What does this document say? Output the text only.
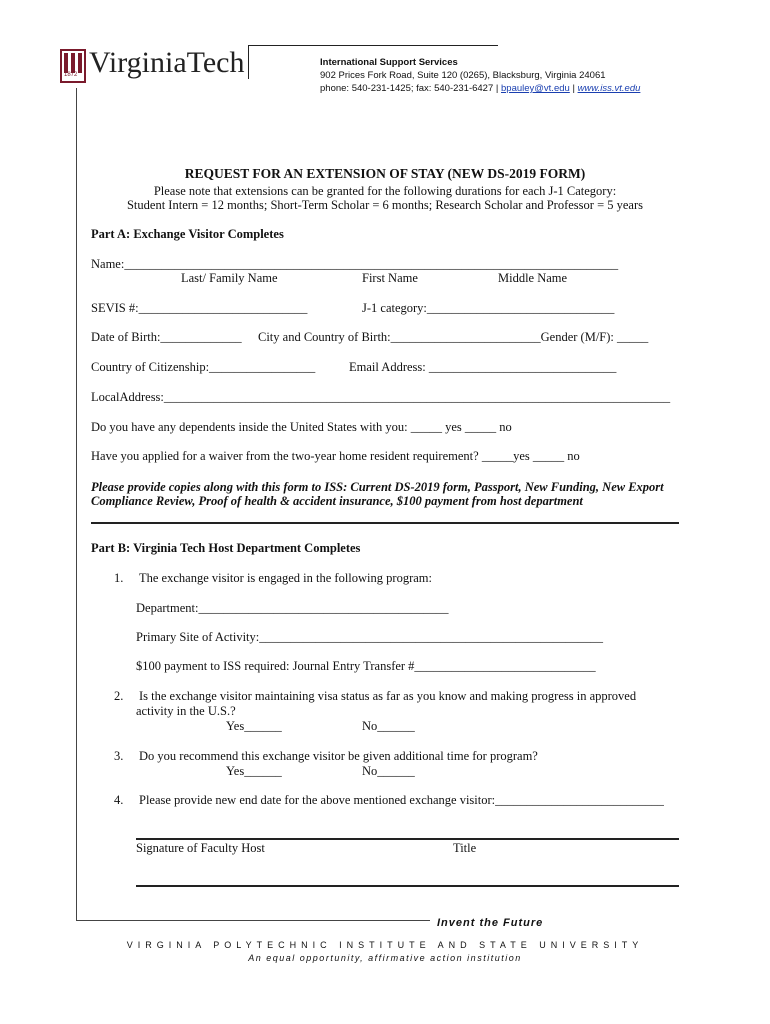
1872 VirginiaTech	International Support Services
902 Prices Fork Road, Suite 120 (0265), Blacksburg, Virginia 24061
phone: 540-231-1425; fax: 540-231-6427 | bpauley@vt.edu | www.iss.vt.edu
REQUEST FOR AN EXTENSION OF STAY (NEW DS-2019 FORM)
Please note that extensions can be granted for the following durations for each J-1 Category:
Student Intern = 12 months; Short-Term Scholar = 6 months; Research Scholar and Professor = 5 years
Part A: Exchange Visitor Completes
Name:_______________________________________________________________________________
Last/ Family Name	First Name	Middle Name
SEVIS #:___________________________	J-1 category:______________________________
Date of Birth:_____________ City and Country of Birth:________________________Gender (M/F): _____
Country of Citizenship:_________________	Email Address: ______________________________
LocalAddress:_________________________________________________________________________________
Do you have any dependents inside the United States with you: _____ yes _____ no
Have you applied for a waiver from the two-year home resident requirement? _____yes _____ no
Please provide copies along with this form to ISS: Current DS-2019 form, Passport, New Funding, New Export
Compliance Review, Proof of health & accident insurance, $100 payment from host department
Part B: Virginia Tech Host Department Completes
1. The exchange visitor is engaged in the following program:
Department:________________________________________
Primary Site of Activity:_______________________________________________________
$100 payment to ISS required: Journal Entry Transfer #_____________________________
2. Is the exchange visitor maintaining visa status as far as you know and making progress in approved
activity in the U.S.?
Yes______	No______
3. Do you recommend this exchange visitor be given additional time for program?
Yes______	No______
4. Please provide new end date for the above mentioned exchange visitor:___________________________
Signature of Faculty Host	Title
Invent the Future
VIRGINIA POLYTECHNIC INSTITUTE AND STATE UNIVERSITY
An equal opportunity, affirmative action institution
